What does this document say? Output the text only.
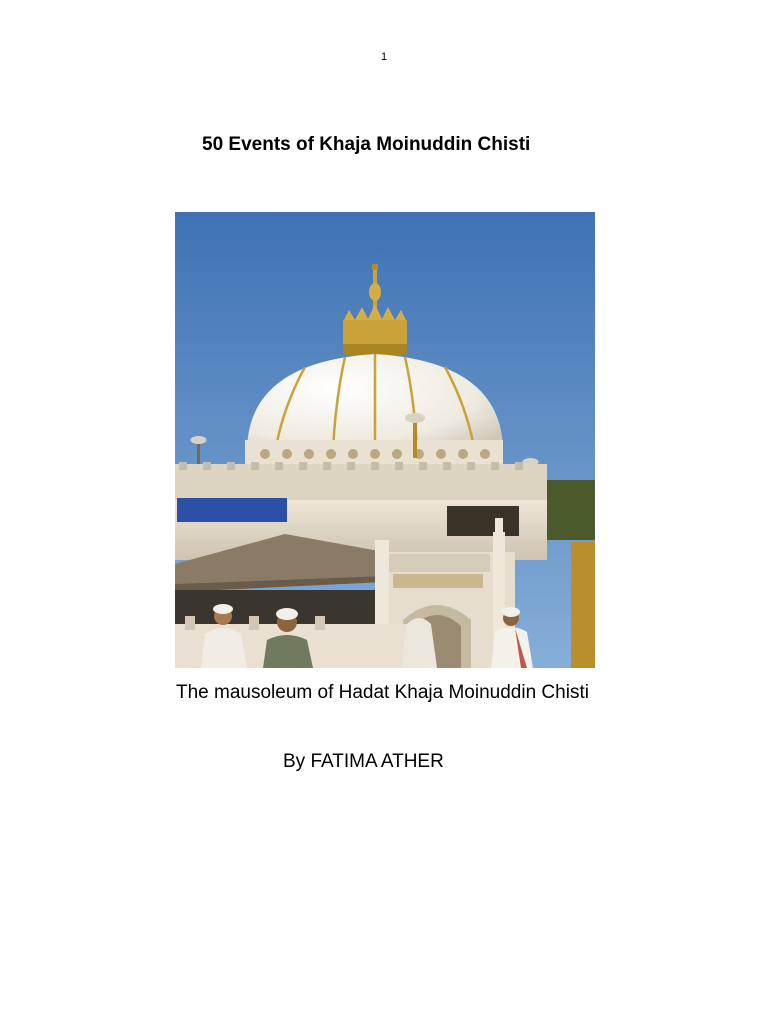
1
50 Events of Khaja Moinuddin Chisti
The mausoleum of Hadat Khaja Moinuddin Chisti
By FATIMA ATHER
